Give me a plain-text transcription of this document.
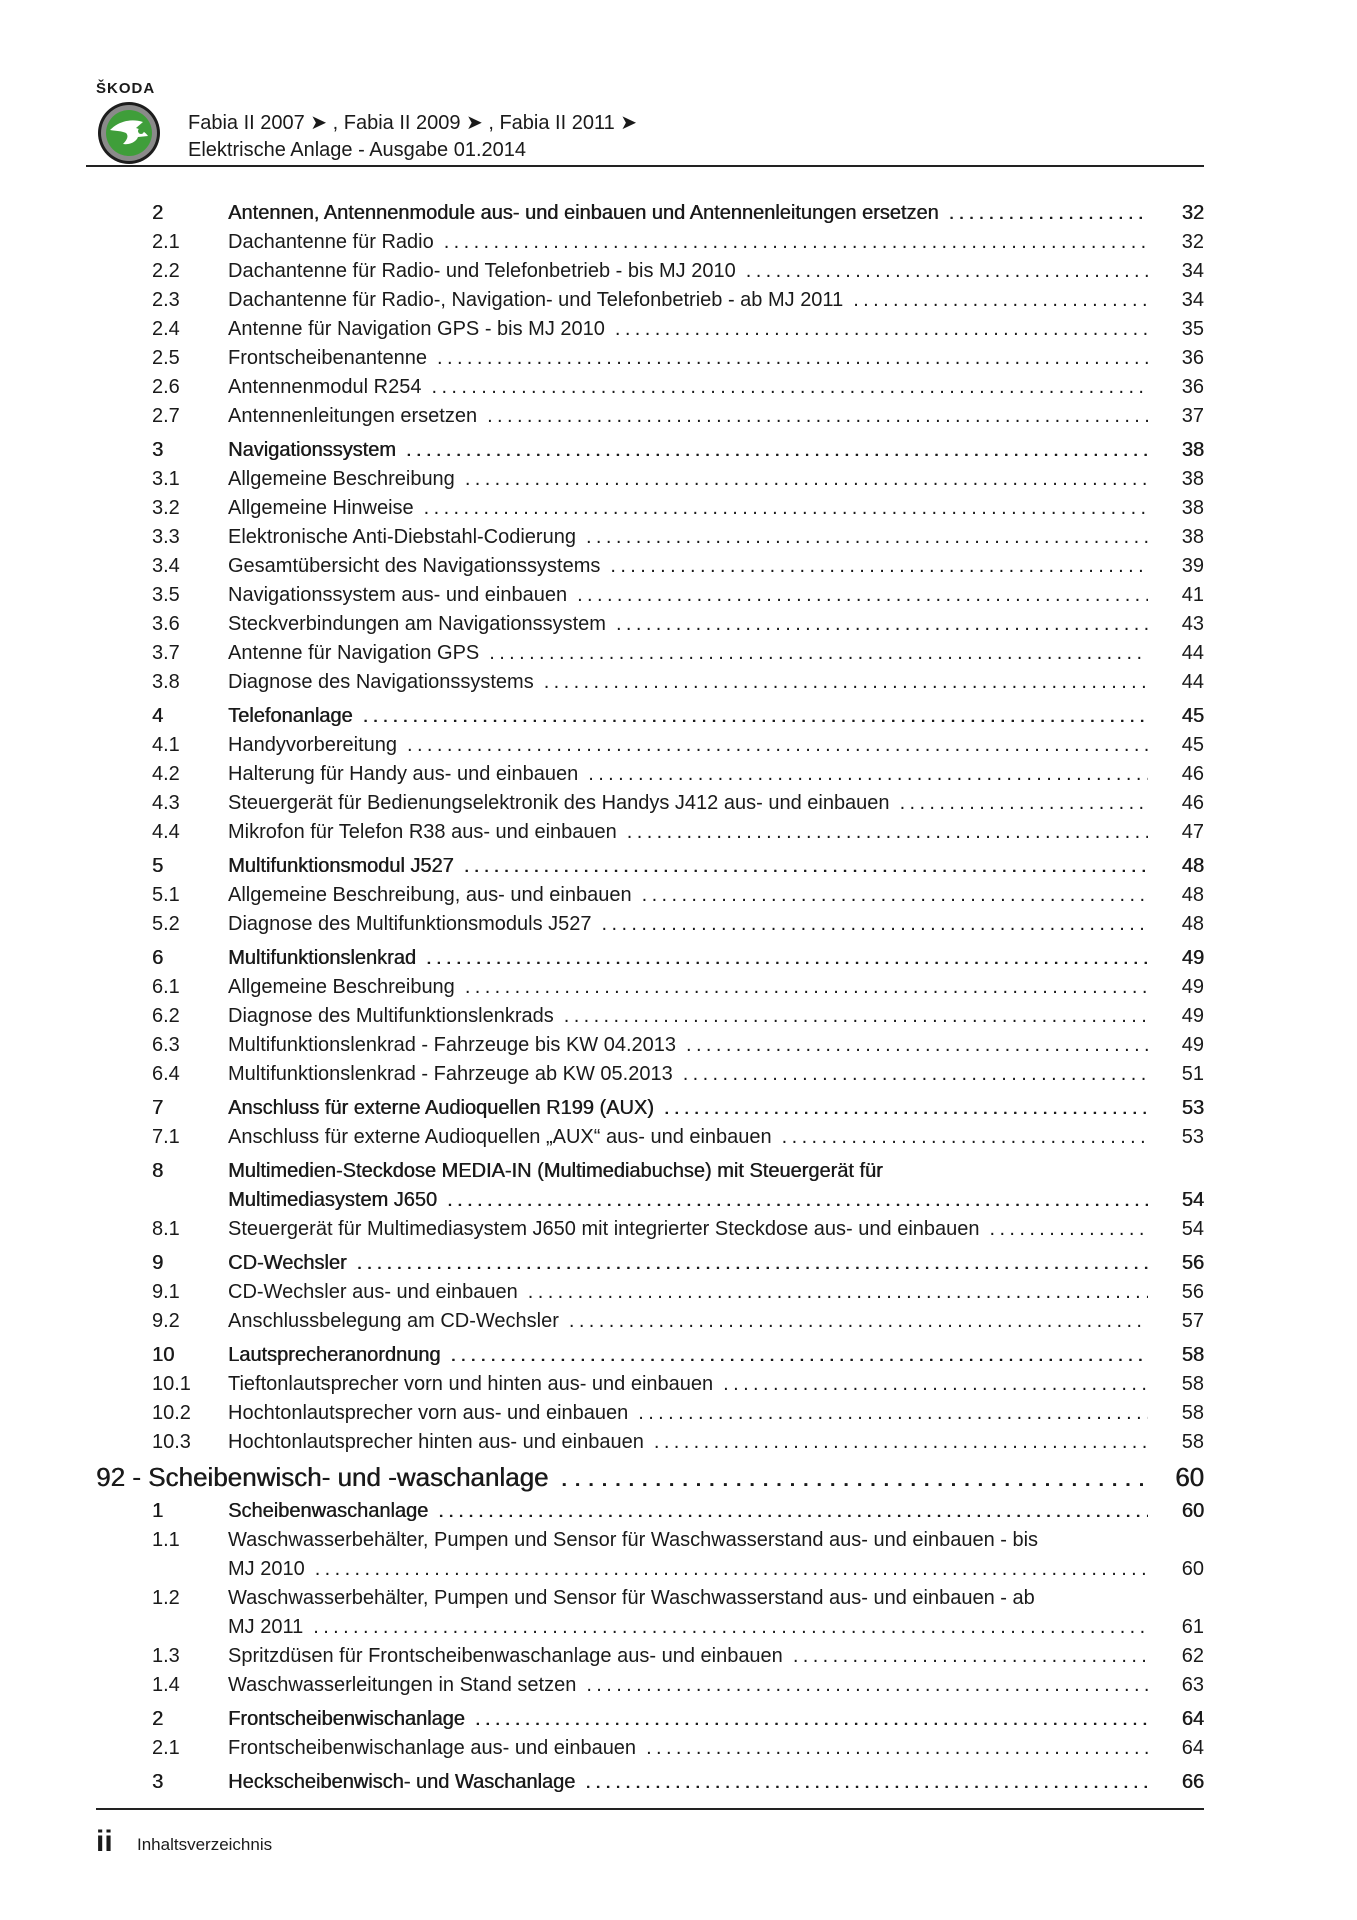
ŠKODA
Fabia II 2007 ➤ , Fabia II 2009 ➤ , Fabia II 2011 ➤
Elektrische Anlage - Ausgabe 01.2014
2	Antennen, Antennenmodule aus- und einbauen und Antennenleitungen ersetzen .....	32
2.1	Dachantenne für Radio .....	32
2.2	Dachantenne für Radio- und Telefonbetrieb - bis MJ 2010 .....	34
2.3	Dachantenne für Radio-, Navigation- und Telefonbetrieb - ab MJ 2011 .....	34
2.4	Antenne für Navigation GPS - bis MJ 2010 .....	35
2.5	Frontscheibenantenne .....	36
2.6	Antennenmodul R254 .....	36
2.7	Antennenleitungen ersetzen .....	37
3	Navigationssystem .....	38
3.1	Allgemeine Beschreibung .....	38
3.2	Allgemeine Hinweise .....	38
3.3	Elektronische Anti-Diebstahl-Codierung .....	38
3.4	Gesamtübersicht des Navigationssystems .....	39
3.5	Navigationssystem aus- und einbauen .....	41
3.6	Steckverbindungen am Navigationssystem .....	43
3.7	Antenne für Navigation GPS .....	44
3.8	Diagnose des Navigationssystems .....	44
4	Telefonanlage .....	45
4.1	Handyvorbereitung .....	45
4.2	Halterung für Handy aus- und einbauen .....	46
4.3	Steuergerät für Bedienungselektronik des Handys J412 aus- und einbauen .....	46
4.4	Mikrofon für Telefon R38 aus- und einbauen .....	47
5	Multifunktionsmodul J527 .....	48
5.1	Allgemeine Beschreibung, aus- und einbauen .....	48
5.2	Diagnose des Multifunktionsmoduls J527 .....	48
6	Multifunktionslenkrad .....	49
6.1	Allgemeine Beschreibung .....	49
6.2	Diagnose des Multifunktionslenkrads .....	49
6.3	Multifunktionslenkrad - Fahrzeuge bis KW 04.2013 .....	49
6.4	Multifunktionslenkrad - Fahrzeuge ab KW 05.2013 .....	51
7	Anschluss für externe Audioquellen R199 (AUX) .....	53
7.1	Anschluss für externe Audioquellen „AUX“ aus- und einbauen .....	53
8	Multimedien-Steckdose MEDIA-IN (Multimediabuchse) mit Steuergerät für
Multimediasystem J650 .....	54
8.1	Steuergerät für Multimediasystem J650 mit integrierter Steckdose aus- und einbauen .....	54
9	CD-Wechsler .....	56
9.1	CD-Wechsler aus- und einbauen .....	56
9.2	Anschlussbelegung am CD-Wechsler .....	57
10	Lautsprecheranordnung .....	58
10.1	Tieftonlautsprecher vorn und hinten aus- und einbauen .....	58
10.2	Hochtonlautsprecher vorn aus- und einbauen .....	58
10.3	Hochtonlautsprecher hinten aus- und einbauen .....	58
92 - Scheibenwisch- und -waschanlage .....	60
1	Scheibenwaschanlage .....	60
1.1	Waschwasserbehälter, Pumpen und Sensor für Waschwasserstand aus- und einbauen - bis
MJ 2010 .....	60
1.2	Waschwasserbehälter, Pumpen und Sensor für Waschwasserstand aus- und einbauen - ab
MJ 2011 .....	61
1.3	Spritzdüsen für Frontscheibenwaschanlage aus- und einbauen .....	62
1.4	Waschwasserleitungen in Stand setzen .....	63
2	Frontscheibenwischanlage .....	64
2.1	Frontscheibenwischanlage aus- und einbauen .....	64
3	Heckscheibenwisch- und Waschanlage .....	66
ii Inhaltsverzeichnis
